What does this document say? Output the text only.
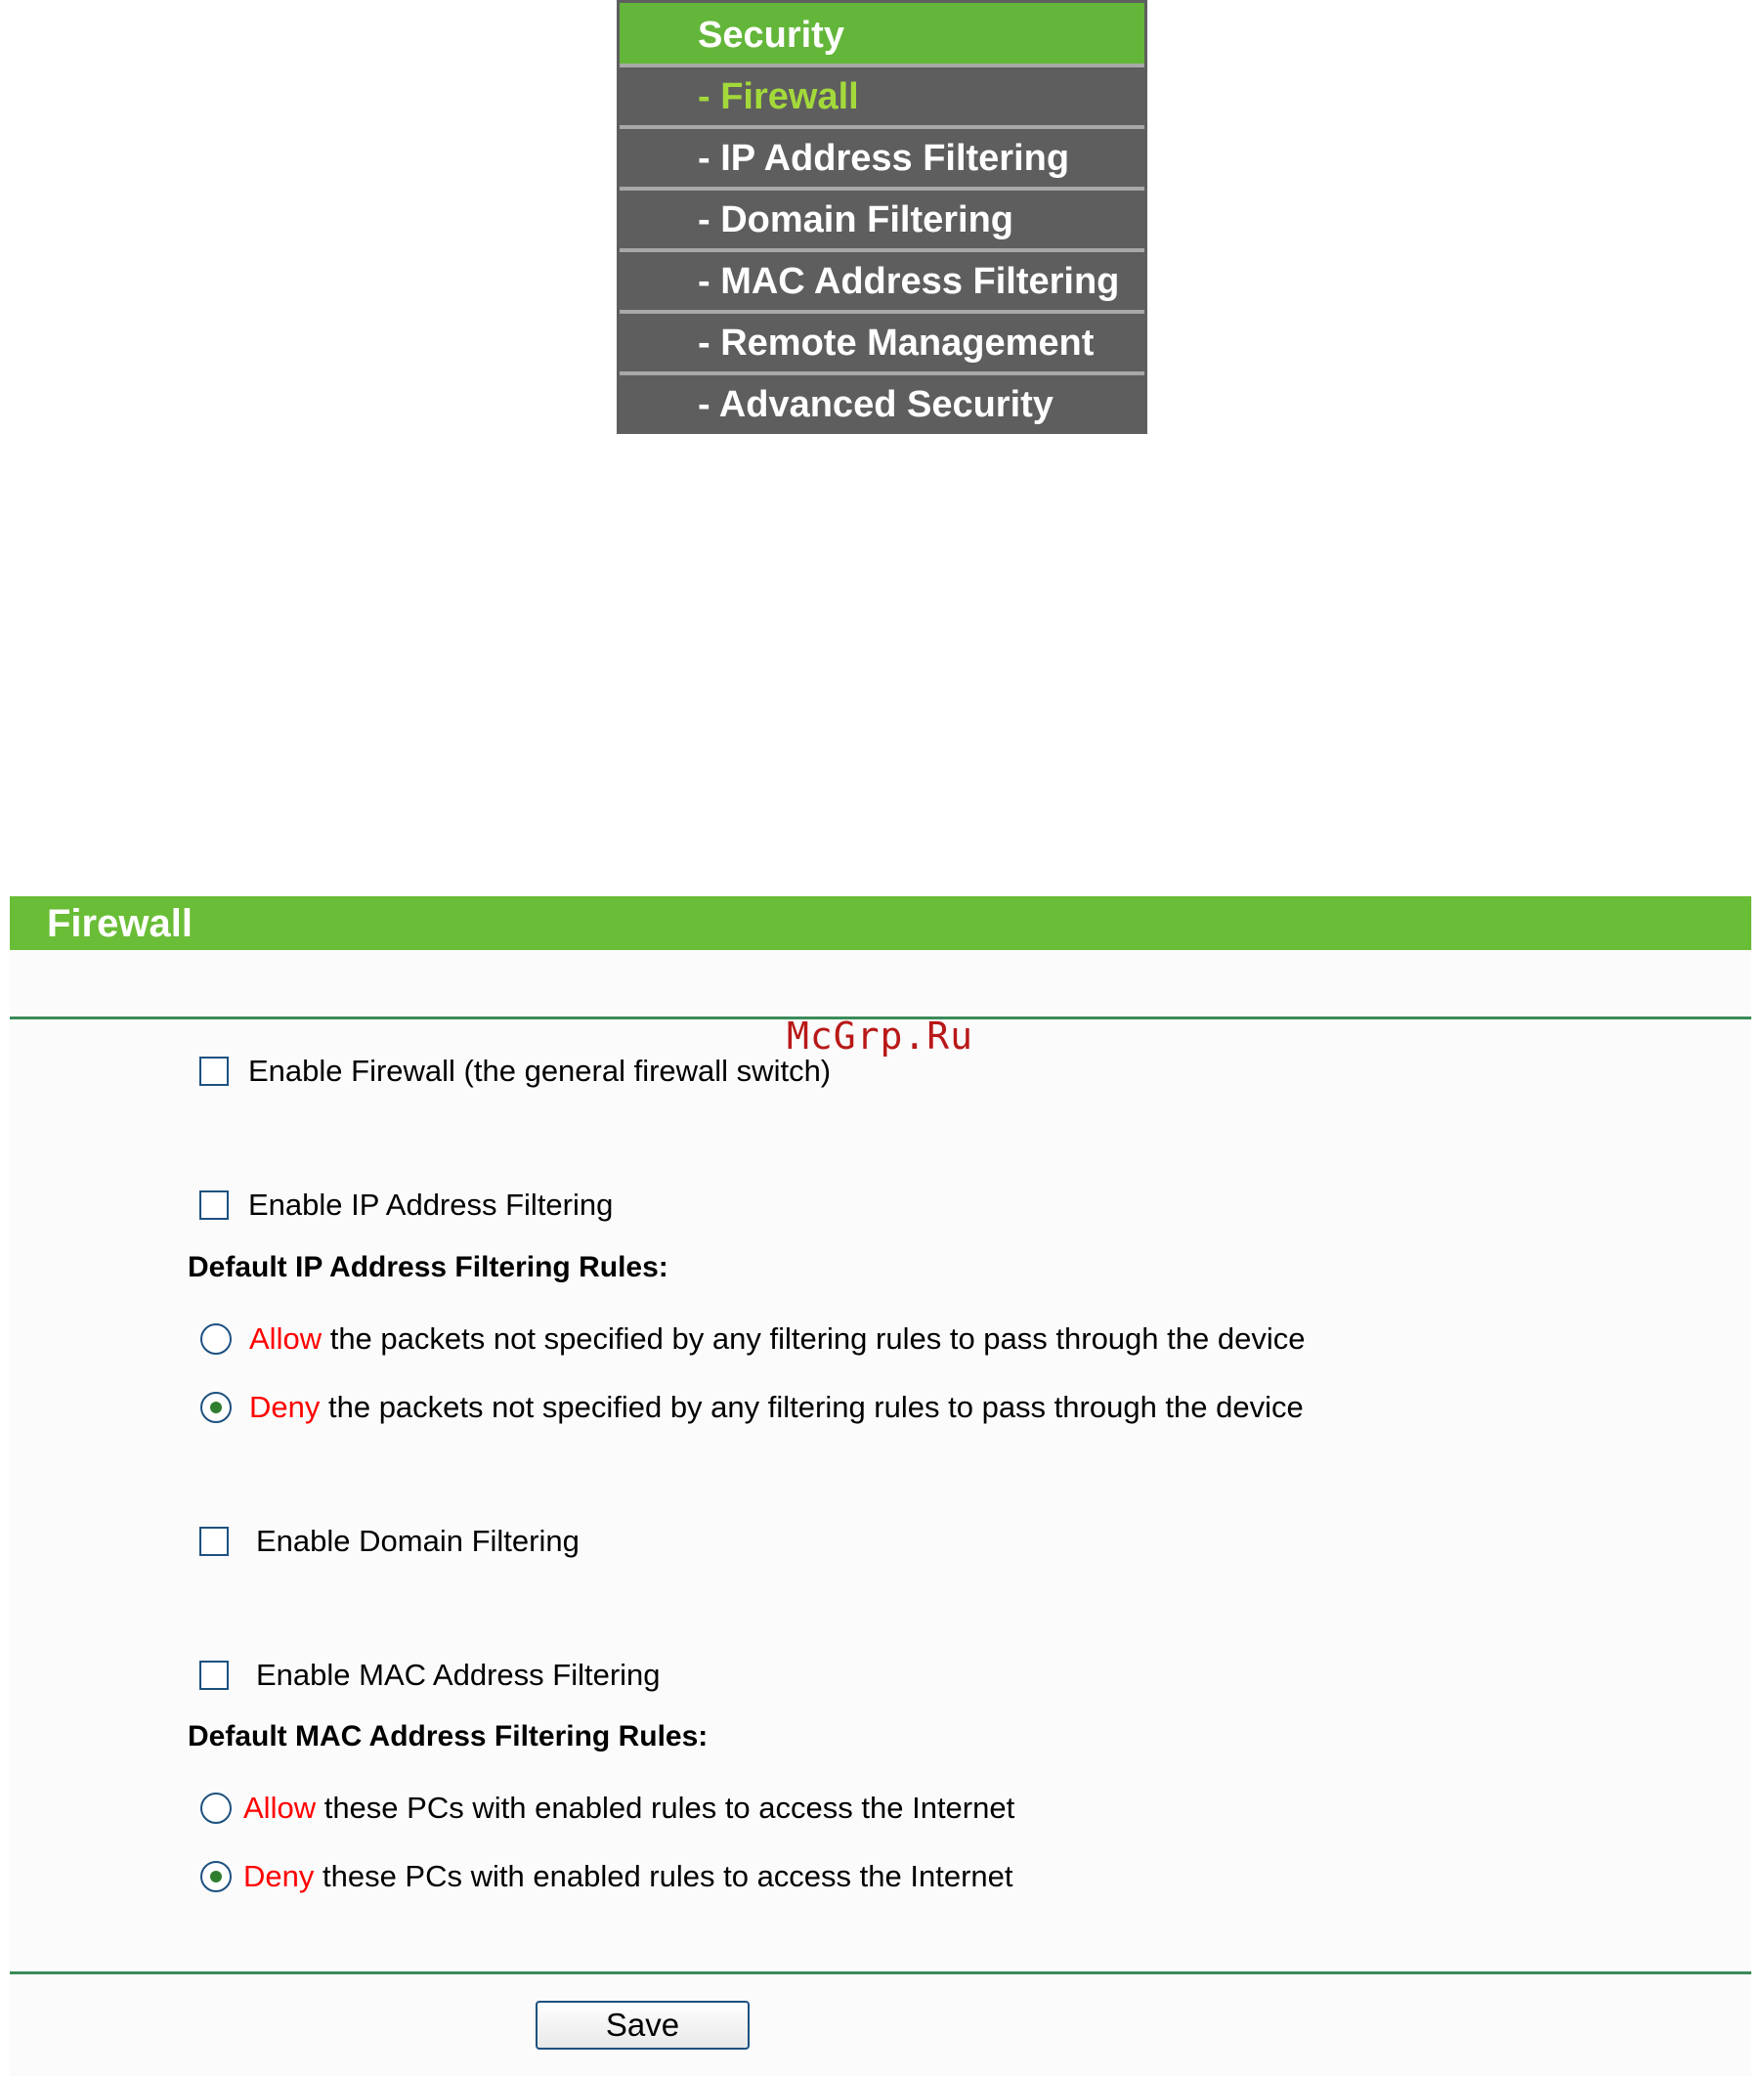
Security
- Firewall
- IP Address Filtering
- Domain Filtering
- MAC Address Filtering
- Remote Management
- Advanced Security
Firewall
McGrp.Ru
Enable Firewall (the general firewall switch)
Enable IP Address Filtering
Default IP Address Filtering Rules:
Allow the packets not specified by any filtering rules to pass through the device
Deny the packets not specified by any filtering rules to pass through the device
Enable Domain Filtering
Enable MAC Address Filtering
Default MAC Address Filtering Rules:
Allow these PCs with enabled rules to access the Internet
Deny these PCs with enabled rules to access the Internet
Save
